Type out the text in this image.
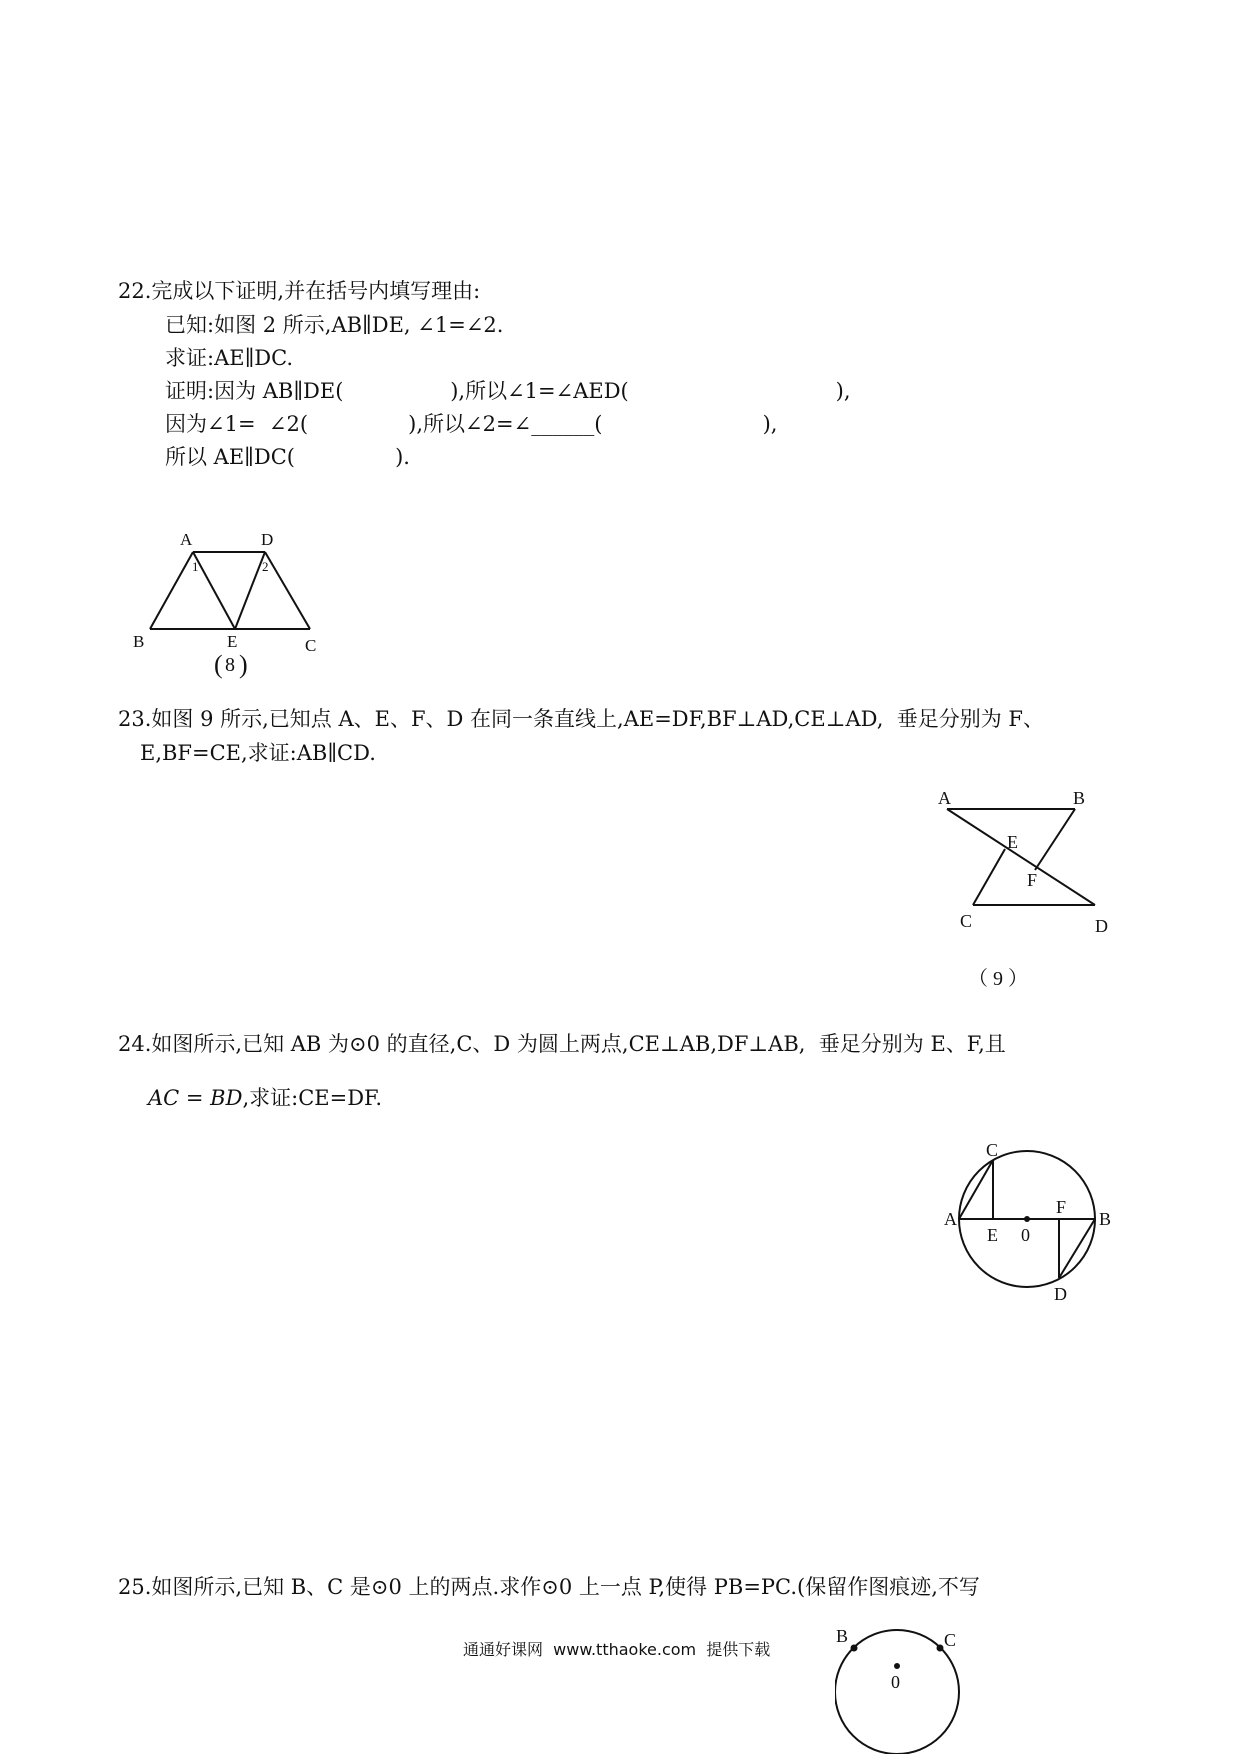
22.完成以下证明,并在括号内填写理由:
已知:如图 2 所示,AB∥DE, ∠1=∠2.
求证:AE∥DC.
证明:因为 AB∥DE(                ),所以∠1=∠AED(                               ),
因为∠1=  ∠2(               ),所以∠2=∠______(                        ),
所以 AE∥DC(               ).
A	D
B	E	C
1	2
( 8 )
23.如图 9 所示,已知点 A、E、F、D 在同一条直线上,AE=DF,BF⊥AD,CE⊥AD,  垂足分别为 F、
E,BF=CE,求证:AB∥CD.
A	B
E
F
C	D
（ 9 ）
24.如图所示,已知 AB 为⊙0 的直径,C、D 为圆上两点,CE⊥AB,DF⊥AB,  垂足分别为 E、F,且
AC = BD,求证:CE=DF.
C
A
E 0
F
B
D
25.如图所示,已知 B、C 是⊙0 上的两点.求作⊙0 上一点 P,使得 PB=PC.(保留作图痕迹,不写
B	C
0
通通好课网  www.tthaoke.com  提供下载
